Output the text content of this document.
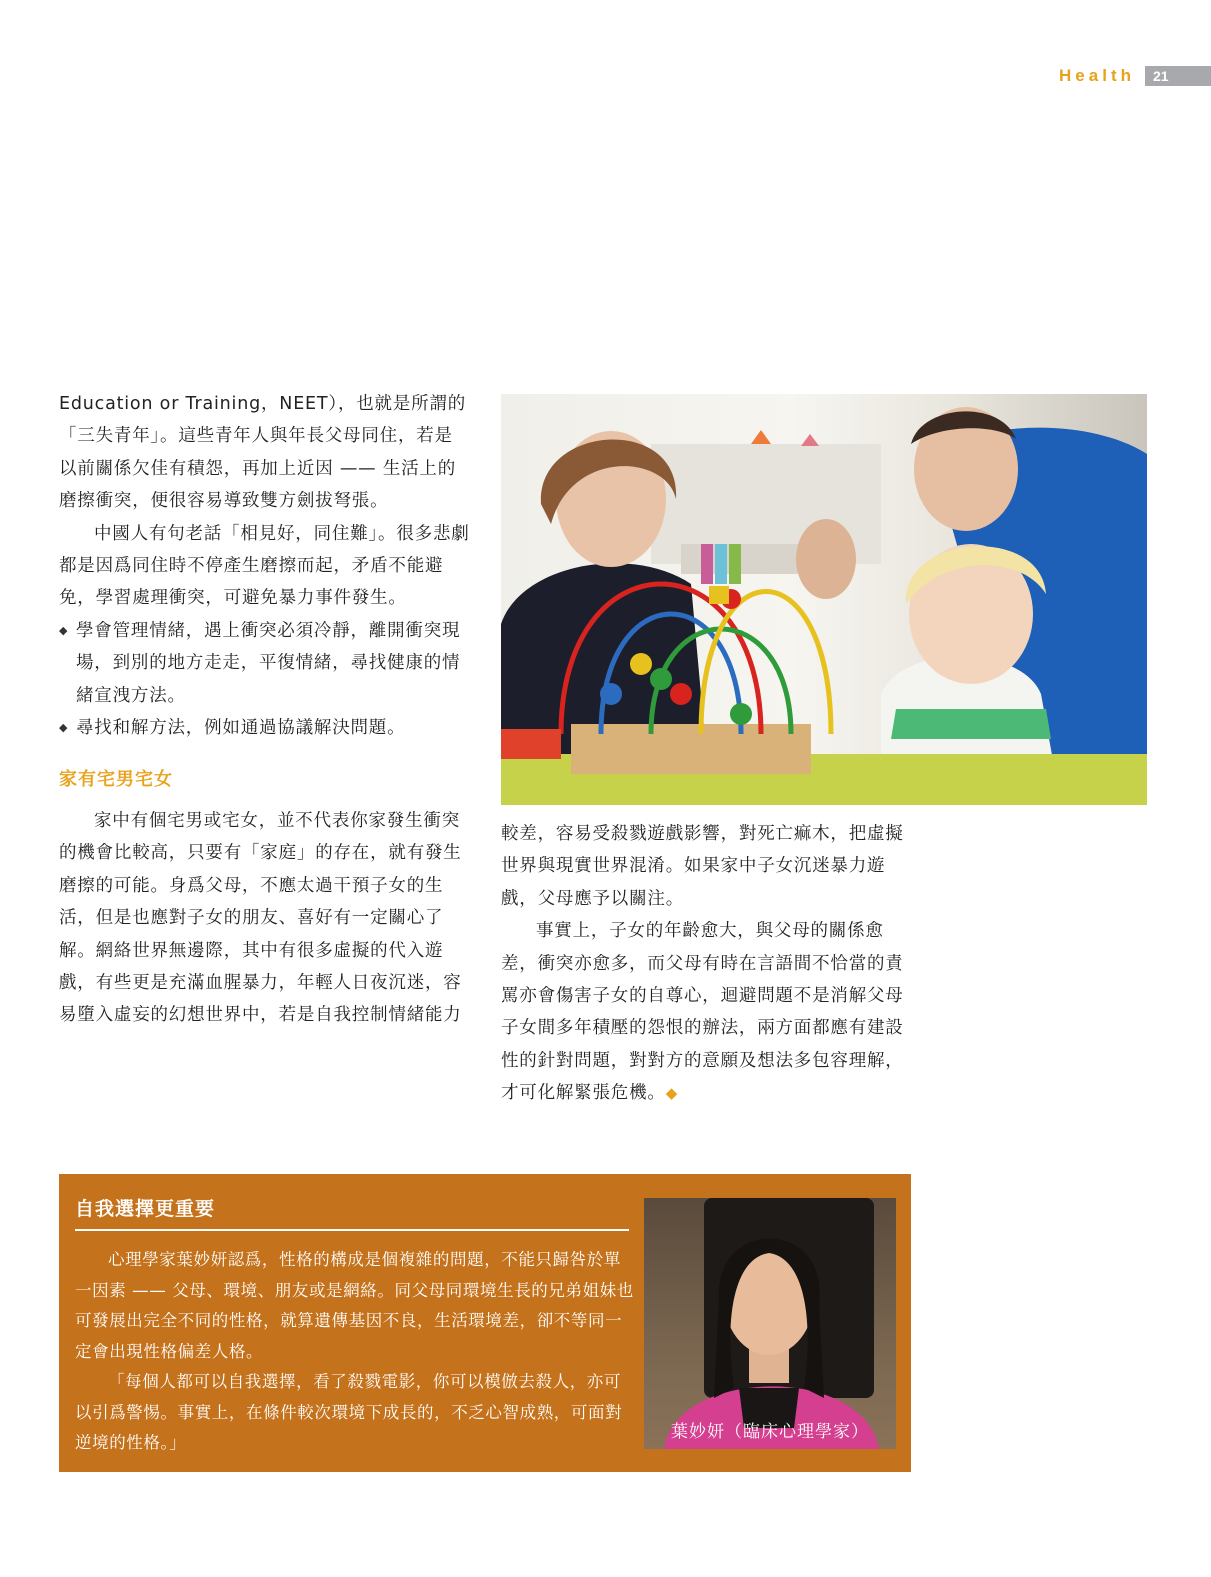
Health	21

Education or Training，NEET），也就是所謂的「三失青年」。這些青年人與年長父母同住，若是以前關係欠佳有積怨，再加上近因 —— 生活上的磨擦衝突，便很容易導致雙方劍拔弩張。

中國人有句老話「相見好，同住難」。很多悲劇都是因爲同住時不停產生磨擦而起，矛盾不能避免，學習處理衝突，可避免暴力事件發生。

◆ 學會管理情緒，遇上衝突必須冷靜，離開衝突現場，到別的地方走走，平復情緒，尋找健康的情緒宣洩方法。

◆ 尋找和解方法，例如通過協議解決問題。

家有宅男宅女

家中有個宅男或宅女，並不代表你家發生衝突的機會比較高，只要有「家庭」的存在，就有發生磨擦的可能。身爲父母，不應太過干預子女的生活，但是也應對子女的朋友、喜好有一定關心了解。網絡世界無邊際，其中有很多虛擬的代入遊戲，有些更是充滿血腥暴力，年輕人日夜沉迷，容易墮入虛妄的幻想世界中，若是自我控制情緒能力

較差，容易受殺戮遊戲影響，對死亡痲木，把虛擬世界與現實世界混淆。如果家中子女沉迷暴力遊戲，父母應予以關注。

事實上，子女的年齡愈大，與父母的關係愈差，衝突亦愈多，而父母有時在言語間不恰當的責罵亦會傷害子女的自尊心，迴避問題不是消解父母子女間多年積壓的怨恨的辦法，兩方面都應有建設性的針對問題，對對方的意願及想法多包容理解，才可化解緊張危機。◆

自我選擇更重要

心理學家葉妙妍認爲，性格的構成是個複雜的問題，不能只歸咎於單一因素 —— 父母、環境、朋友或是網絡。同父母同環境生長的兄弟姐妹也可發展出完全不同的性格，就算遺傳基因不良，生活環境差，卻不等同一定會出現性格偏差人格。

「每個人都可以自我選擇，看了殺戮電影，你可以模倣去殺人，亦可以引爲警惕。事實上，在條件較次環境下成長的，不乏心智成熟，可面對逆境的性格。」

葉妙妍（臨床心理學家）
